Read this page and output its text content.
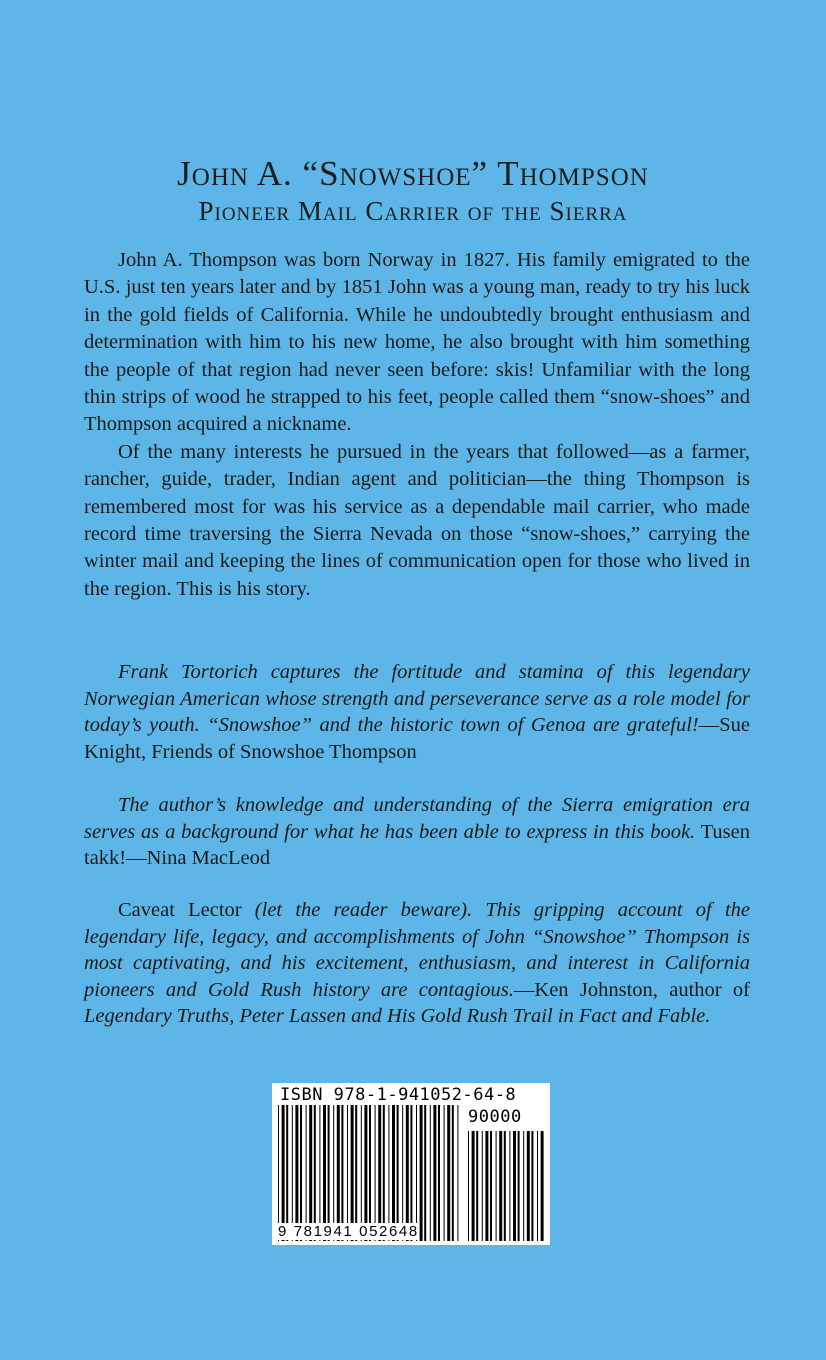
John A. “Snowshoe” Thompson
Pioneer Mail Carrier of the Sierra

John A. Thompson was born Norway in 1827. His family emigrated to the U.S. just ten years later and by 1851 John was a young man, ready to try his luck in the gold fields of California. While he undoubtedly brought enthusiasm and determination with him to his new home, he also brought with him something the people of that region had never seen before: skis! Unfamiliar with the long thin strips of wood he strapped to his feet, people called them “snow-shoes” and Thompson acquired a nickname.

Of the many interests he pursued in the years that followed—as a farmer, rancher, guide, trader, Indian agent and politician—the thing Thompson is remembered most for was his service as a dependable mail carrier, who made record time traversing the Sierra Nevada on those “snow-shoes,” carrying the winter mail and keeping the lines of communication open for those who lived in the region. This is his story.

Frank Tortorich captures the fortitude and stamina of this legendary Norwegian American whose strength and perseverance serve as a role model for today’s youth. “Snowshoe” and the historic town of Genoa are grateful!—Sue Knight, Friends of Snowshoe Thompson
The author’s knowledge and understanding of the Sierra emigration era serves as a background for what he has been able to express in this book. Tusen takk!—Nina MacLeod
Caveat Lector (let the reader beware). This gripping account of the legendary life, legacy, and accomplishments of John “Snowshoe” Thompson is most captivating, and his excitement, enthusiasm, and interest in California pioneers and Gold Rush history are contagious.—Ken Johnston, author of Legendary Truths, Peter Lassen and His Gold Rush Trail in Fact and Fable.
ISBN 978-1-941052-64-8
90000
9 781941 052648
